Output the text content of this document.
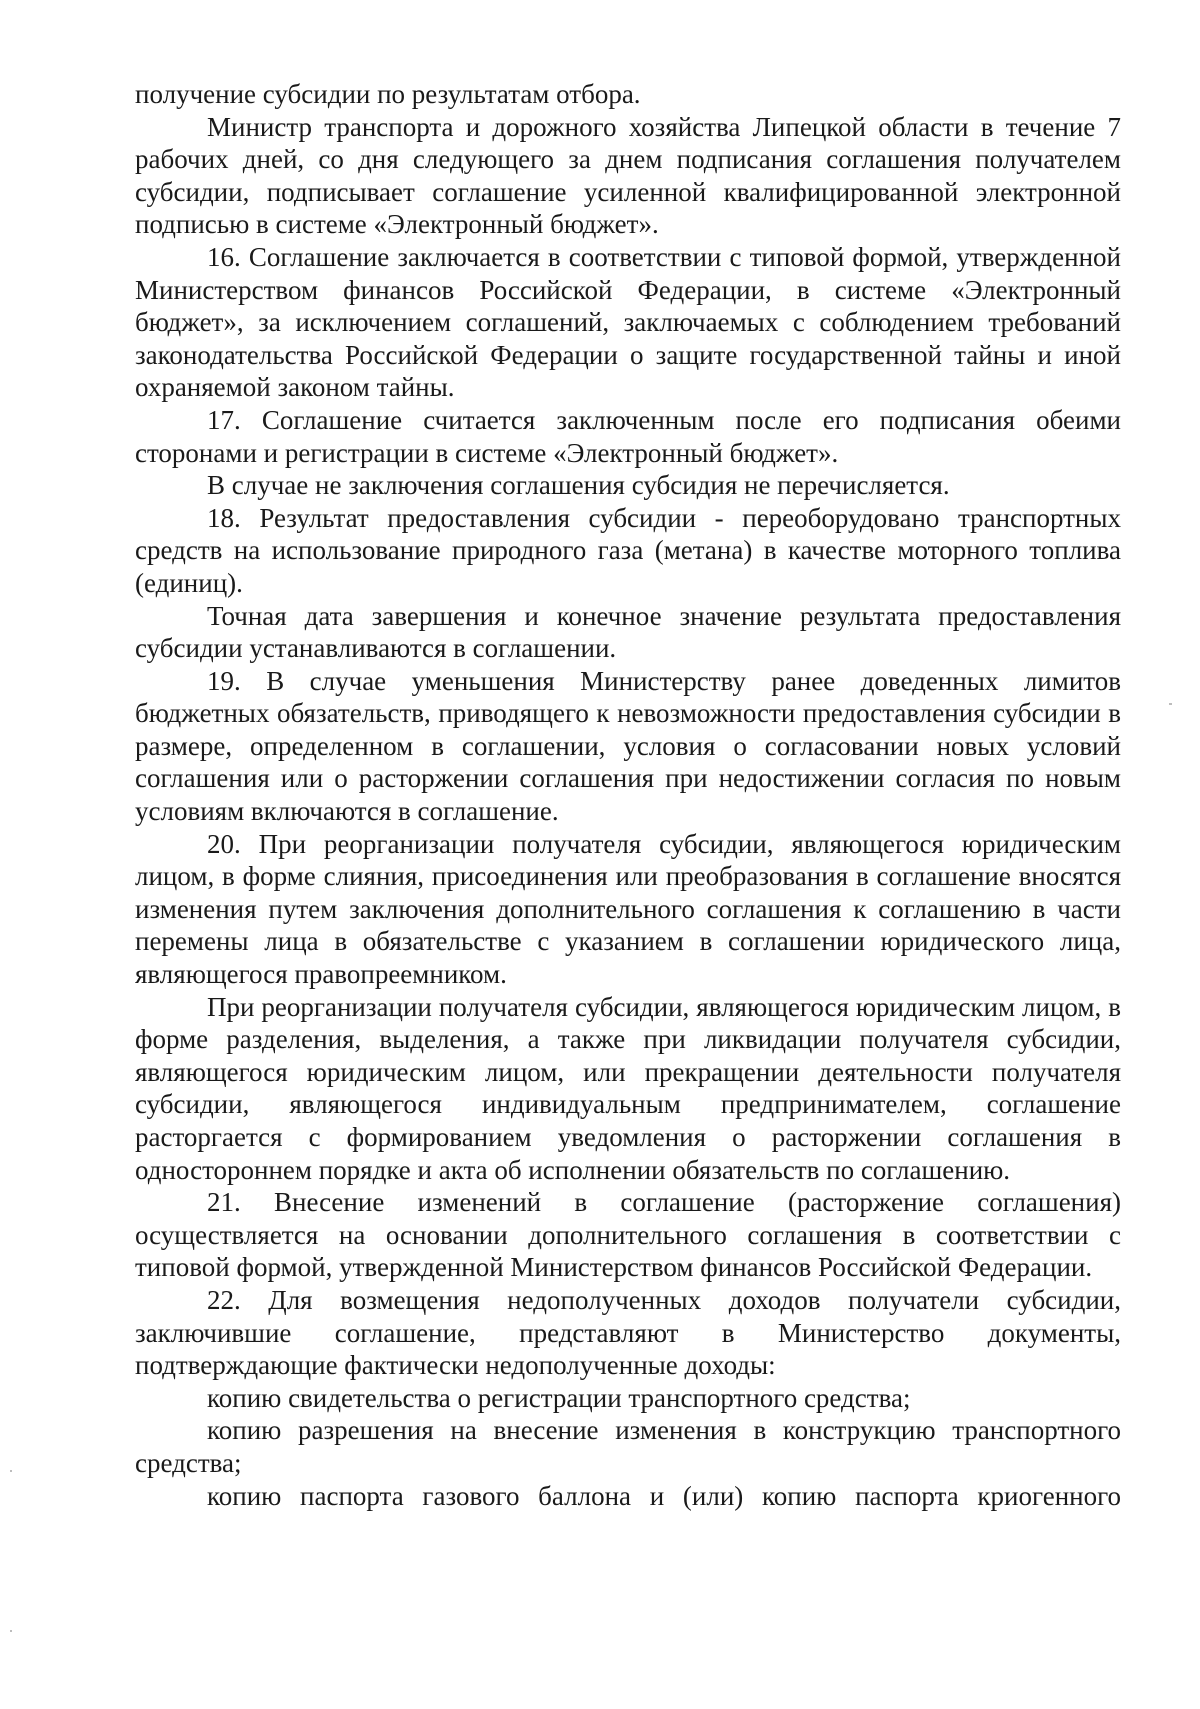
получение субсидии по результатам отбора.

Министр транспорта и дорожного хозяйства Липецкой области в течение 7 рабочих дней, со дня следующего за днем подписания соглашения получателем субсидии, подписывает соглашение усиленной квалифицированной электронной подписью в системе «Электронный бюджет».

16. Соглашение заключается в соответствии с типовой формой, утвержденной Министерством финансов Российской Федерации, в системе «Электронный бюджет», за исключением соглашений, заключаемых с соблюдением требований законодательства Российской Федерации о защите государственной тайны и иной охраняемой законом тайны.

17. Соглашение считается заключенным после его подписания обеими сторонами и регистрации в системе «Электронный бюджет».

В случае не заключения соглашения субсидия не перечисляется.

18. Результат предоставления субсидии - переоборудовано транспортных средств на использование природного газа (метана) в качестве моторного топлива (единиц).

Точная дата завершения и конечное значение результата предоставления субсидии устанавливаются в соглашении.

19. В случае уменьшения Министерству ранее доведенных лимитов бюджетных обязательств, приводящего к невозможности предоставления субсидии в размере, определенном в соглашении, условия о согласовании новых условий соглашения или о расторжении соглашения при недостижении согласия по новым условиям включаются в соглашение.

20. При реорганизации получателя субсидии, являющегося юридическим лицом, в форме слияния, присоединения или преобразования в соглашение вносятся изменения путем заключения дополнительного соглашения к соглашению в части перемены лица в обязательстве с указанием в соглашении юридического лица, являющегося правопреемником.

При реорганизации получателя субсидии, являющегося юридическим лицом, в форме разделения, выделения, а также при ликвидации получателя субсидии, являющегося юридическим лицом, или прекращении деятельности получателя субсидии, являющегося индивидуальным предпринимателем, соглашение расторгается с формированием уведомления о расторжении соглашения в одностороннем порядке и акта об исполнении обязательств по соглашению.

21. Внесение изменений в соглашение (расторжение соглашения) осуществляется на основании дополнительного соглашения в соответствии с типовой формой, утвержденной Министерством финансов Российской Федерации.

22. Для возмещения недополученных доходов получатели субсидии, заключившие соглашение, представляют в Министерство документы, подтверждающие фактически недополученные доходы:

копию свидетельства о регистрации транспортного средства;

копию разрешения на внесение изменения в конструкцию транспортного средства;

копию паспорта газового баллона и (или) копию паспорта криогенного
